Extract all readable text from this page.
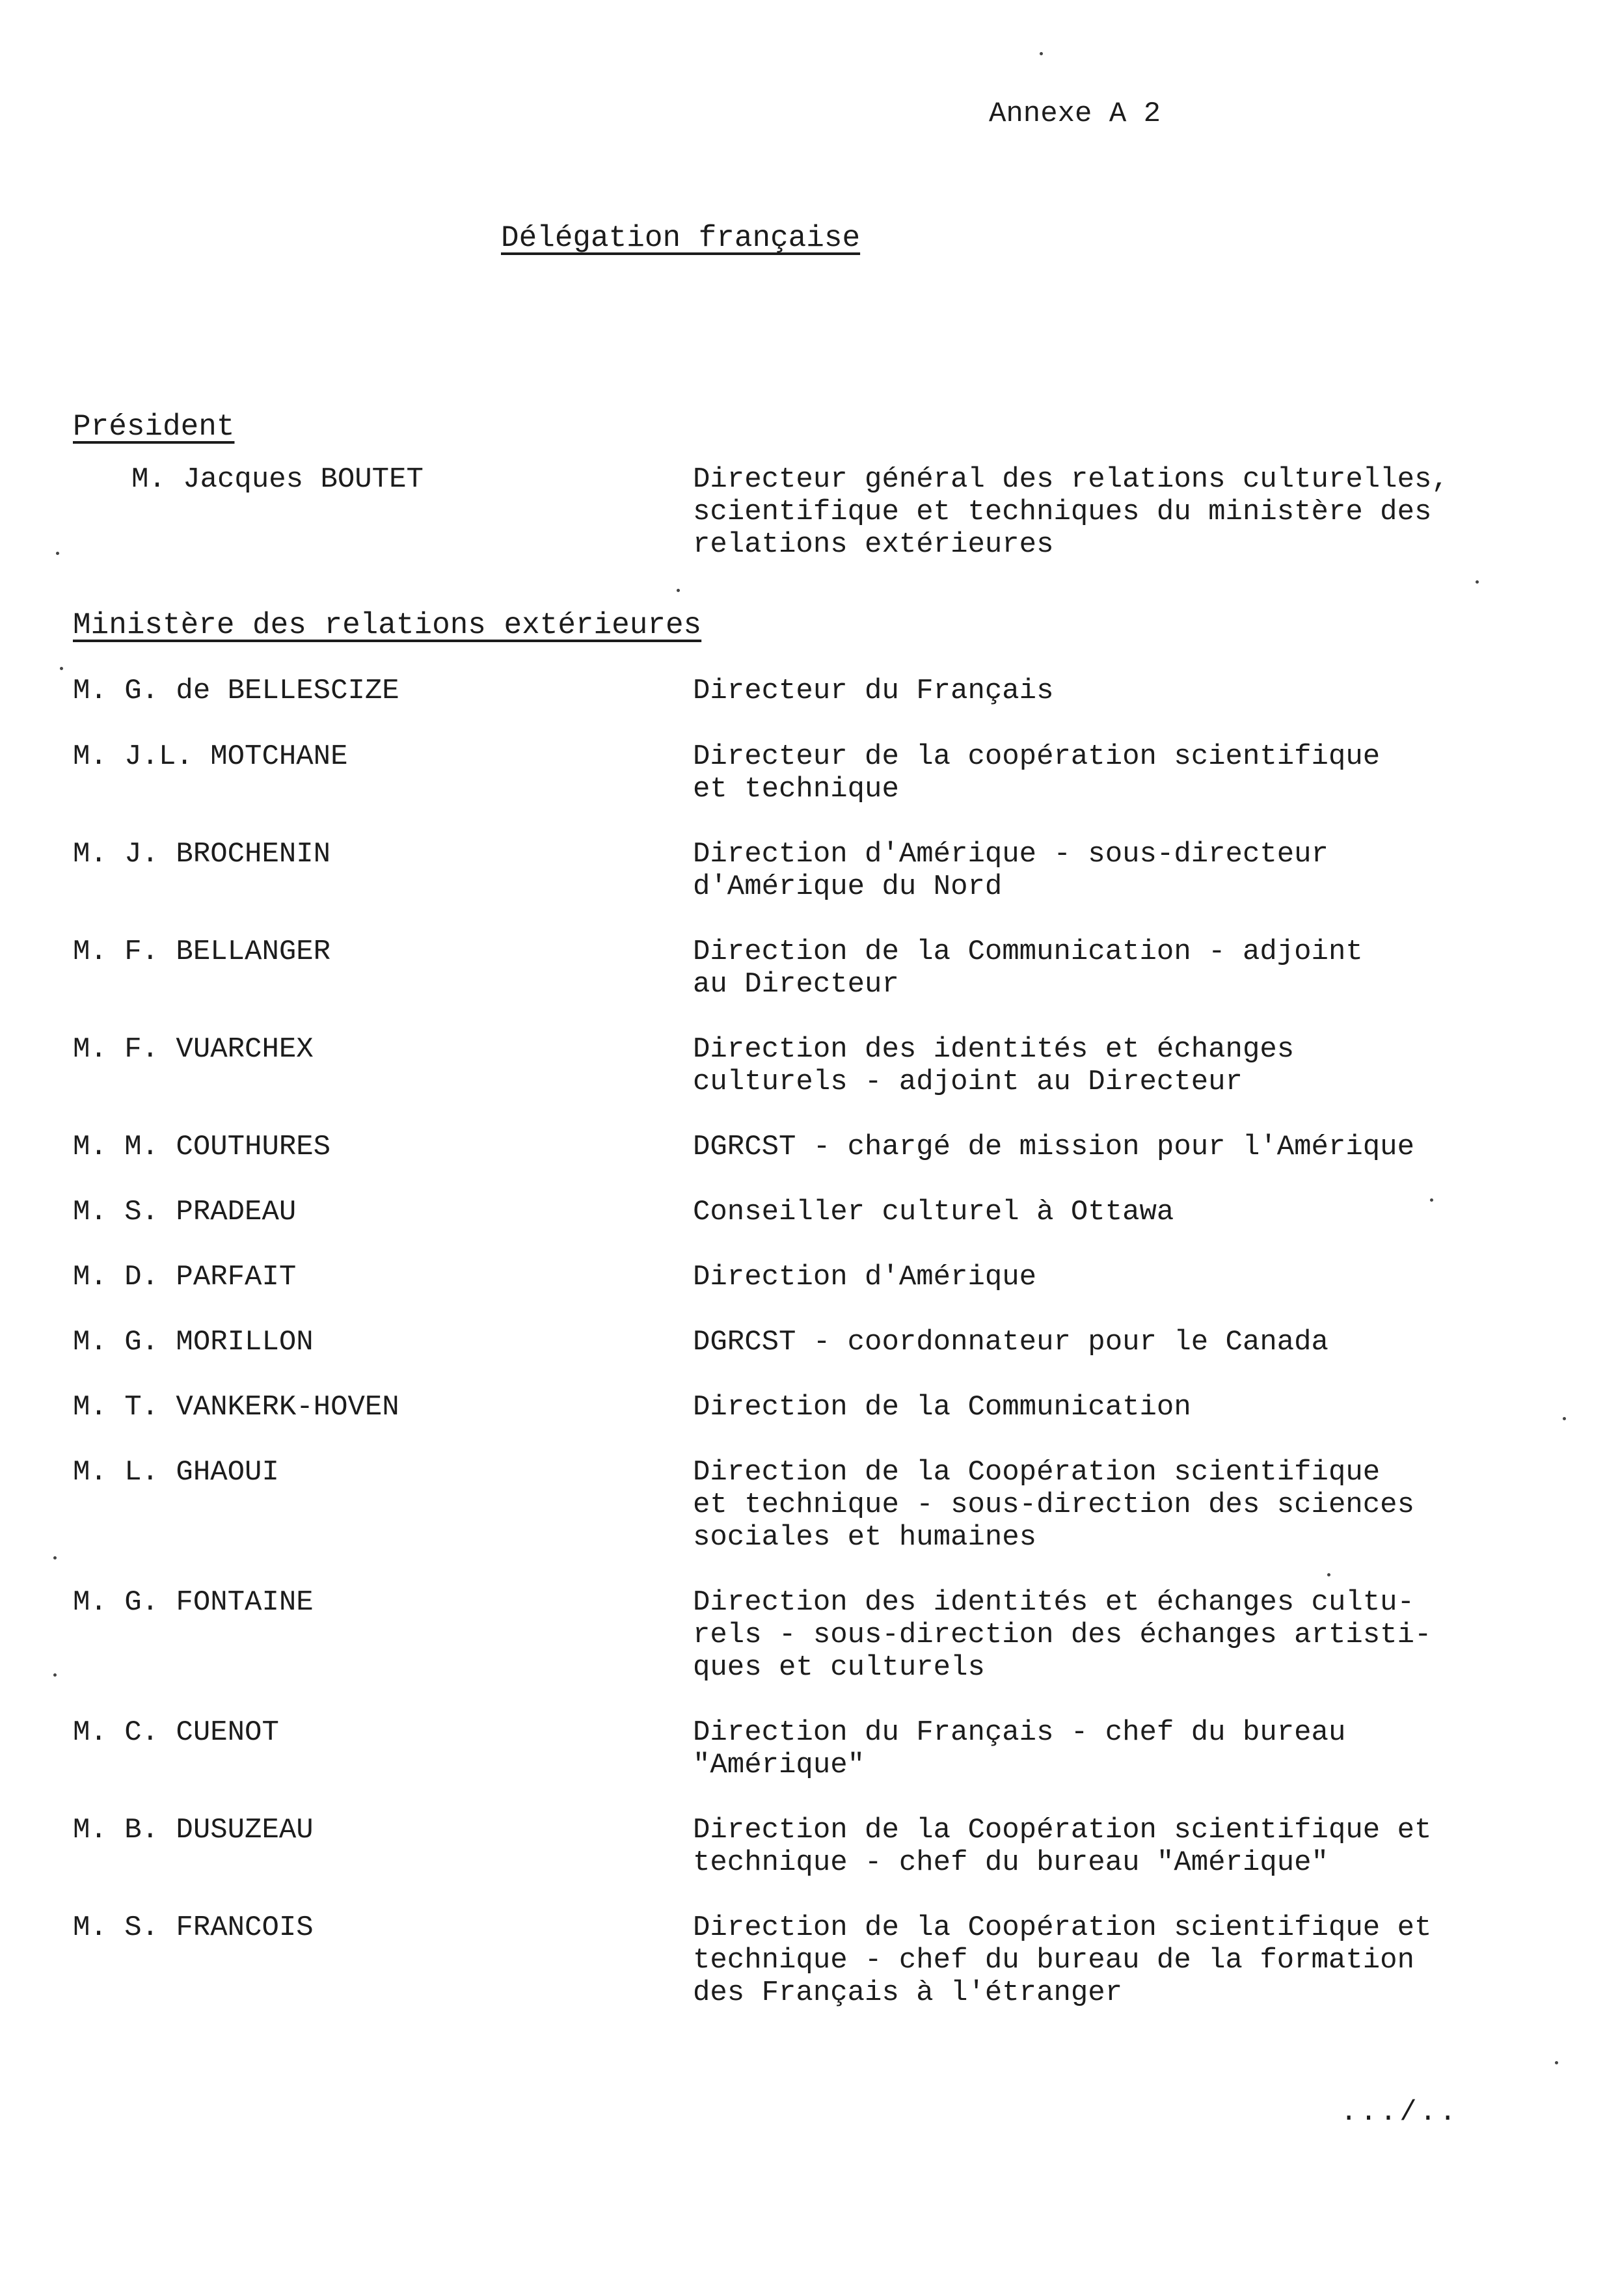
Annexe A 2
Délégation française
Président
M. Jacques BOUTET	Directeur général des relations culturelles,
scientifique et techniques du ministère des
relations extérieures
Ministère des relations extérieures
M. G. de BELLESCIZE	Directeur du Français
M. J.L. MOTCHANE	Directeur de la coopération scientifique
et technique
M. J. BROCHENIN	Direction d'Amérique - sous-directeur
d'Amérique du Nord
M. F. BELLANGER	Direction de la Communication - adjoint
au Directeur
M. F. VUARCHEX	Direction des identités et échanges
culturels - adjoint au Directeur
M. M. COUTHURES	DGRCST - chargé de mission pour l'Amérique
M. S. PRADEAU	Conseiller culturel à Ottawa
M. D. PARFAIT	Direction d'Amérique
M. G. MORILLON	DGRCST - coordonnateur pour le Canada
M. T. VANKERK-HOVEN	Direction de la Communication
M. L. GHAOUI	Direction de la Coopération scientifique
et technique - sous-direction des sciences
sociales et humaines
M. G. FONTAINE	Direction des identités et échanges cultu-
rels - sous-direction des échanges artisti-
ques et culturels
M. C. CUENOT	Direction du Français - chef du bureau
"Amérique"
M. B. DUSUZEAU	Direction de la Coopération scientifique et
technique - chef du bureau "Amérique"
M. S. FRANCOIS	Direction de la Coopération scientifique et
technique - chef du bureau de la formation
des Français à l'étranger
.../..
